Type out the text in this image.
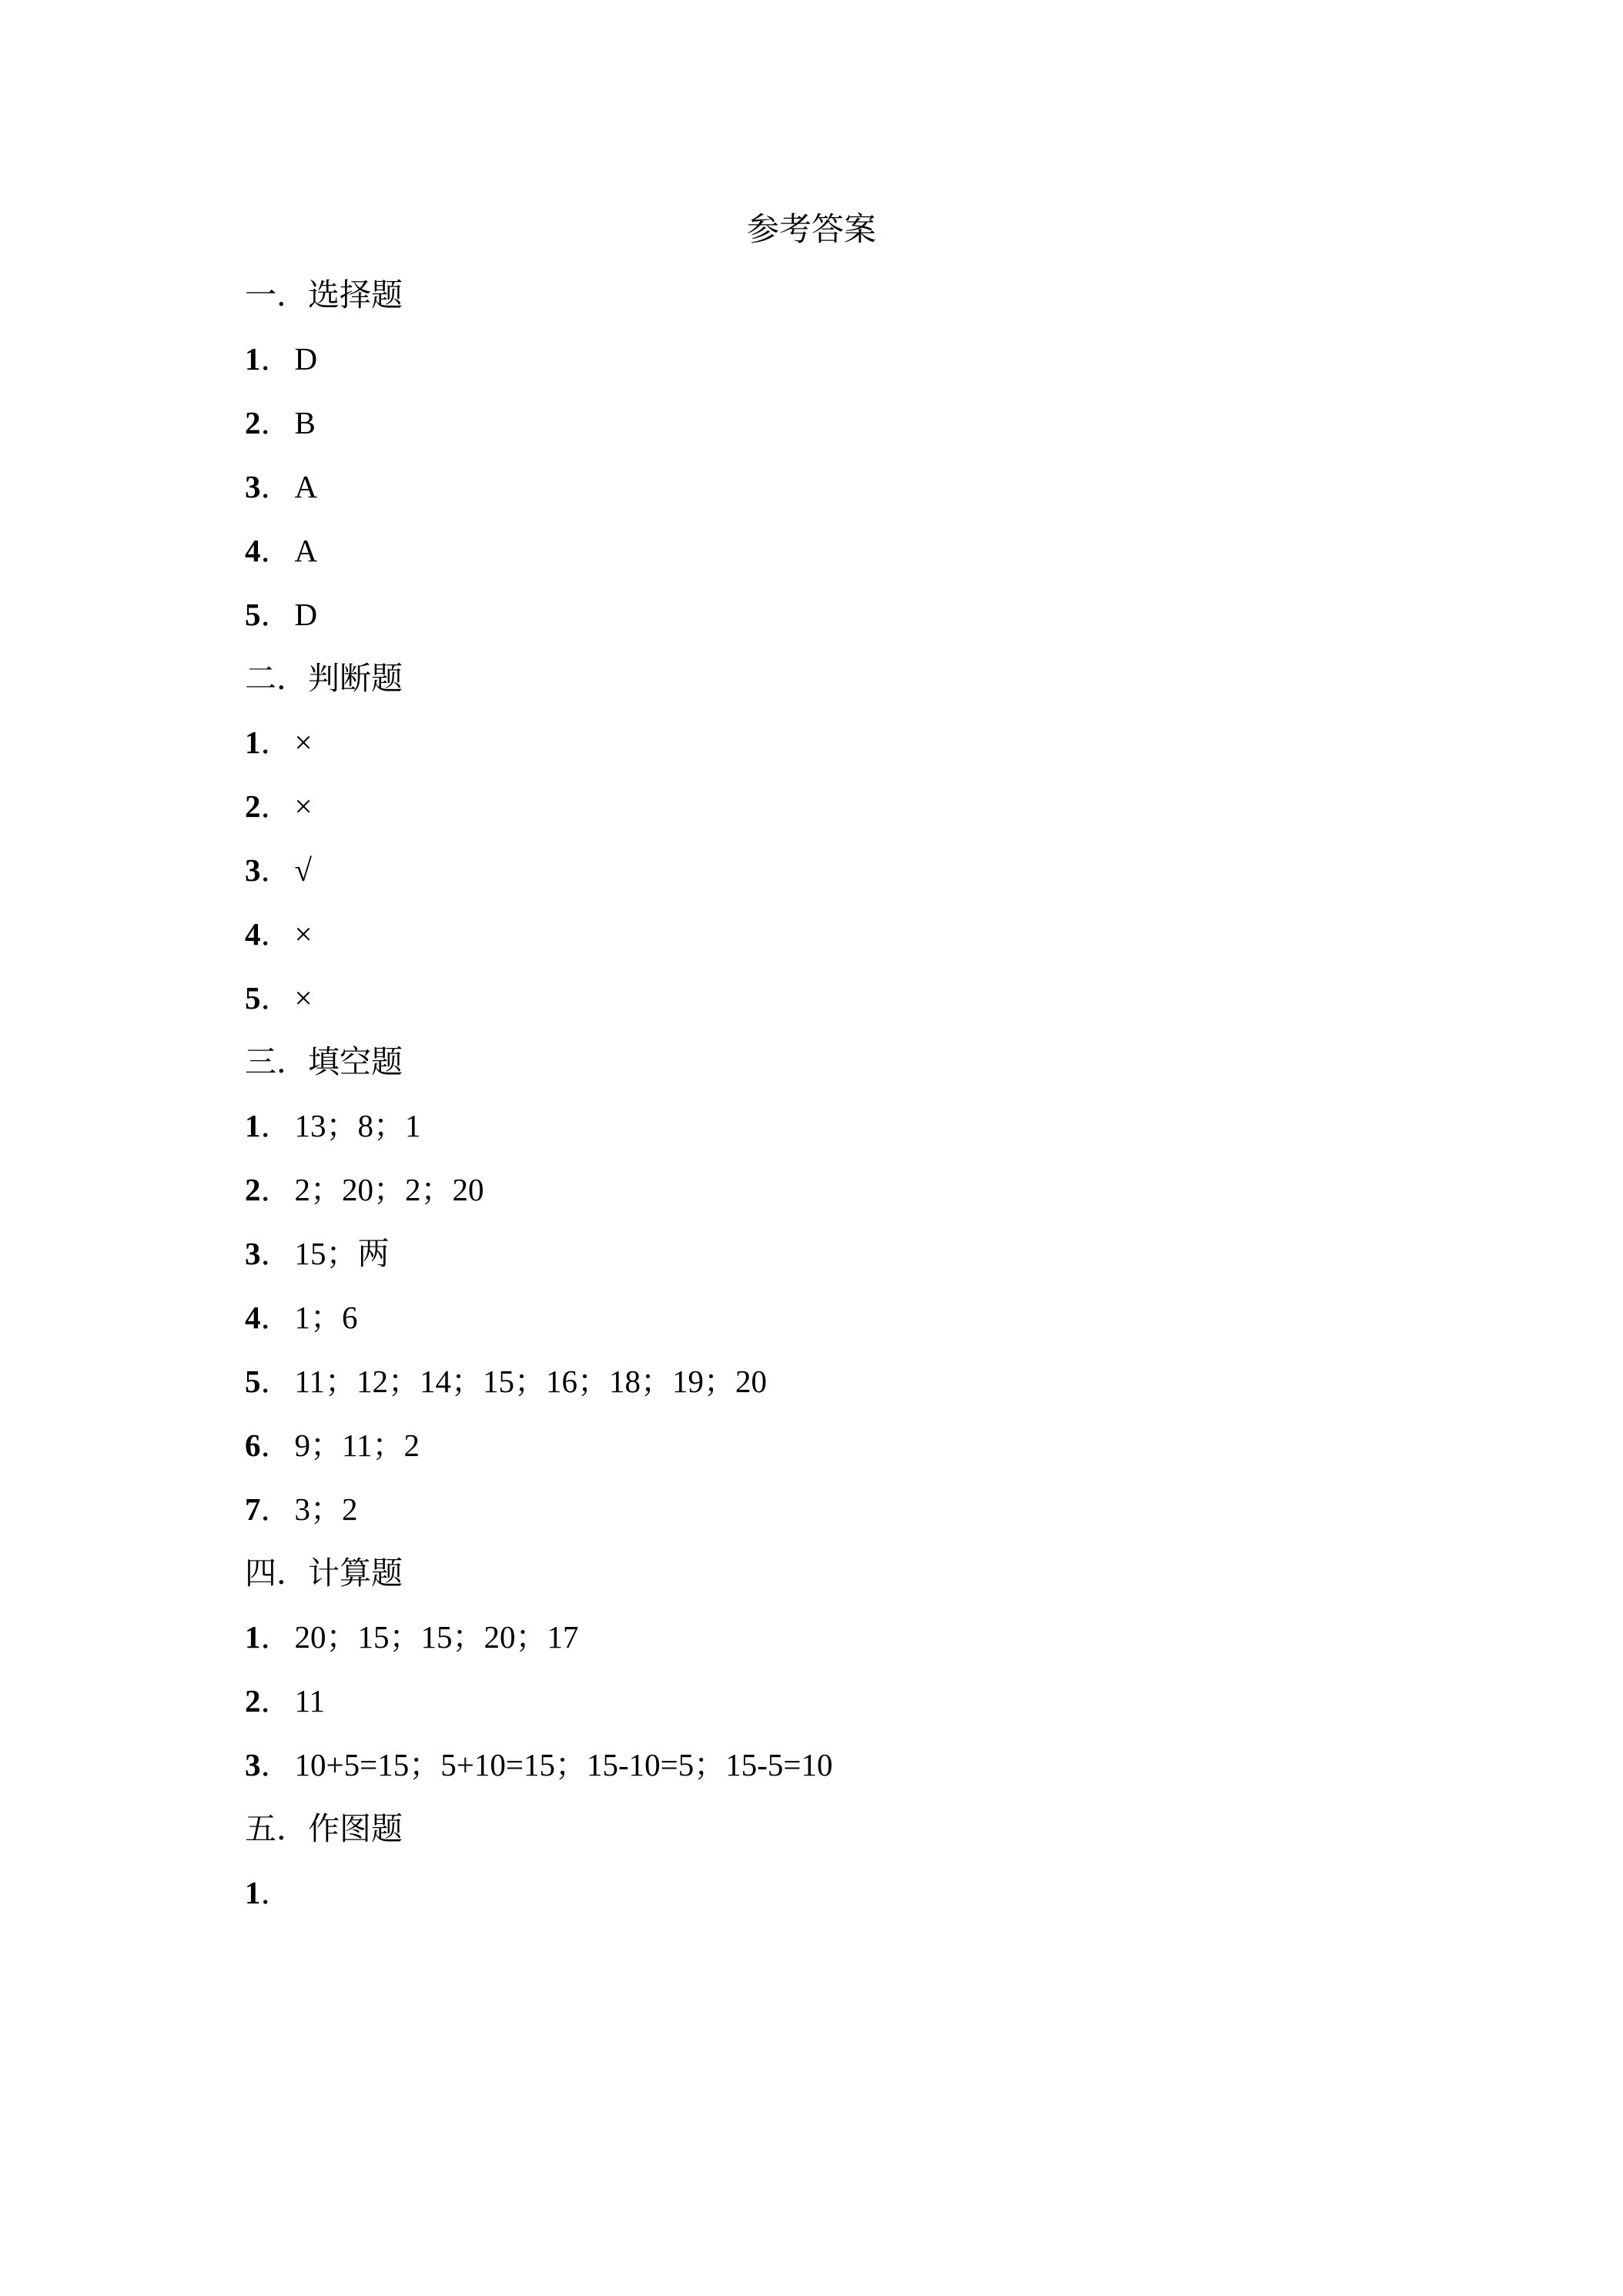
参考答案
一．选择题
1．D
2．B
3．A
4．A
5．D
二．判断题
1．×
2．×
3．√
4．×
5．×
三．填空题
1．13；8；1
2．2；20；2；20
3．15；两
4．1；6
5．11；12；14；15；16；18；19；20
6．9；11；2
7．3；2
四．计算题
1．20；15；15；20；17
2．11
3．10+5=15；5+10=15；15-10=5；15-5=10
五．作图题
1．
